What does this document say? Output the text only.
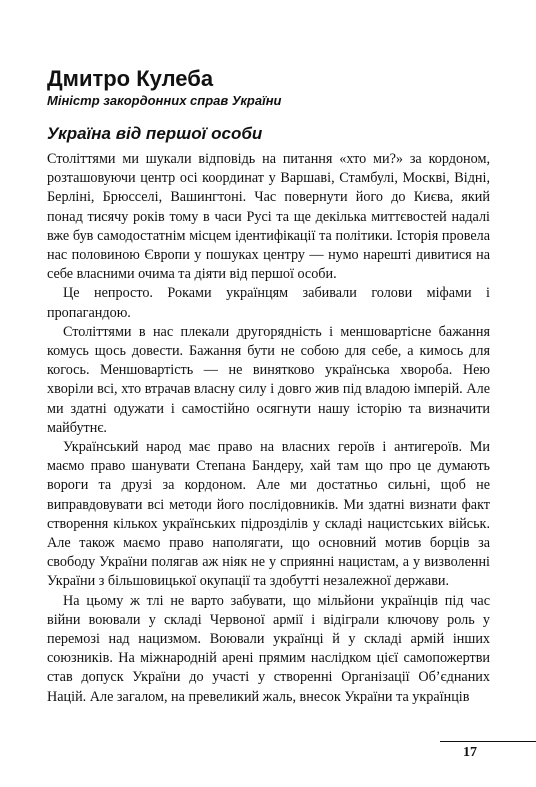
Дмитро Кулеба
Міністр закордонних справ України
Україна від першої особи

Століттями ми шукали відповідь на питання «хто ми?» за кордоном, розташовуючи центр осі координат у Варшаві, Стамбулі, Москві, Відні, Берліні, Брюсселі, Вашингтоні. Час повернути його до Києва, який понад тисячу років тому в часи Русі та ще декілька миттєвостей надалі вже був самодостатнім місцем ідентифікації та політики. Історія провела нас половиною Європи у пошуках центру — нумо нарешті дивитися на себе власними очима та діяти від першої особи.

Це непросто. Роками українцям забивали голови міфами і пропагандою.

Століттями в нас плекали другорядність і меншовартісне бажання комусь щось довести. Бажання бути не собою для себе, а кимось для когось. Меншовартість — не винятково українська хвороба. Нею хворіли всі, хто втрачав власну силу і довго жив під владою імперій. Але ми здатні одужати і самостійно осягнути нашу історію та визначити майбутнє.

Український народ має право на власних героїв і антигероїв. Ми маємо право шанувати Степана Бандеру, хай там що про це думають вороги та друзі за кордоном. Але ми достатньо сильні, щоб не виправдовувати всі методи його послідовників. Ми здатні визнати факт створення кількох українських підрозділів у складі нацистських військ. Але також маємо право наполягати, що основний мотив борців за свободу України полягав аж ніяк не у сприянні нацистам, а у визволенні України з більшовицької окупації та здобутті незалежної держави.

На цьому ж тлі не варто забувати, що мільйони українців під час війни воювали у складі Червоної армії і відіграли ключову роль у перемозі над нацизмом. Воювали українці й у складі армій інших союзників. На міжнародній арені прямим наслідком цієї самопожертви став допуск України до участі у створенні Організації Об’єднаних Націй. Але загалом, на превеликий жаль, внесок України та українців

17
